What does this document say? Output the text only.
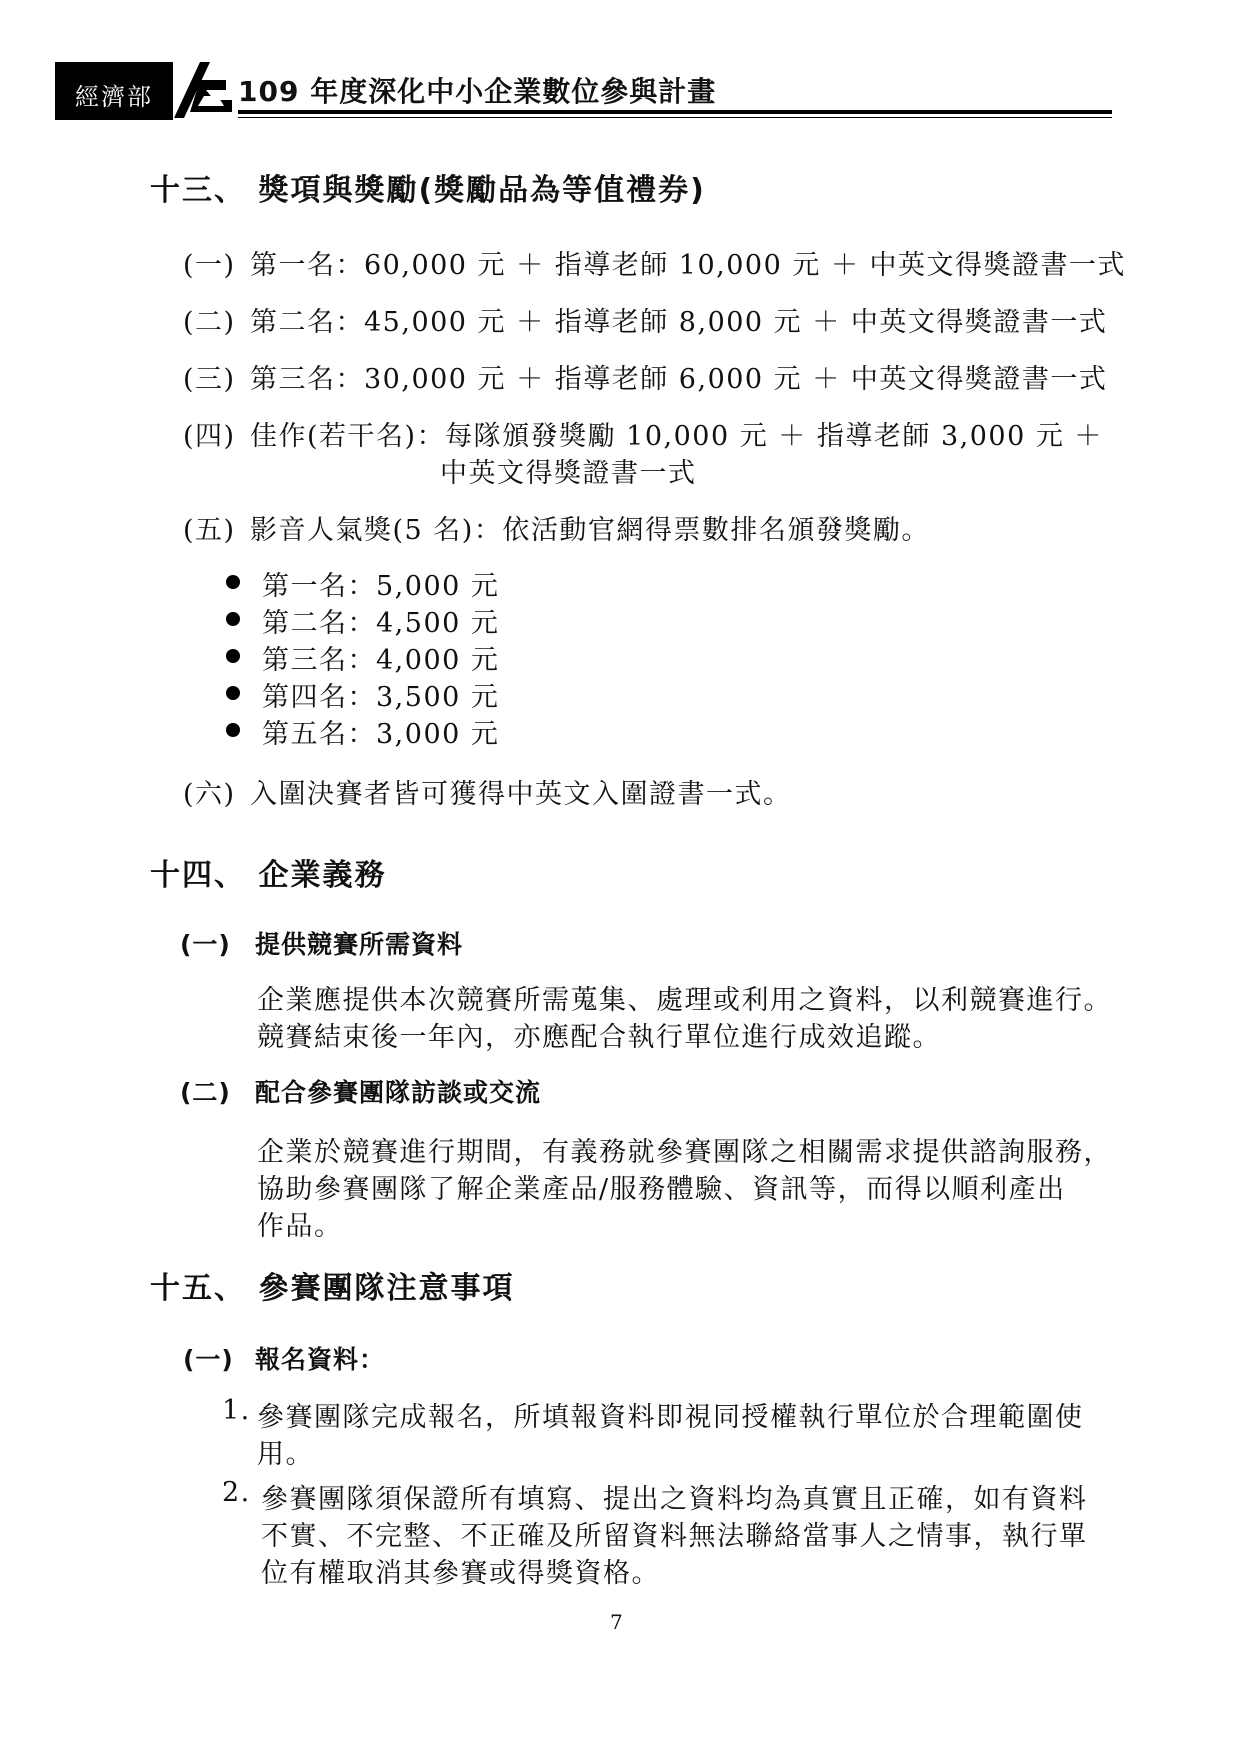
經濟部	109 年度深化中小企業數位參與計畫
十三、 獎項與獎勵(獎勵品為等值禮券)
(一) 第一名：60,000 元 ＋ 指導老師 10,000 元 ＋ 中英文得獎證書一式
(二) 第二名：45,000 元 ＋ 指導老師 8,000 元 ＋ 中英文得獎證書一式
(三) 第三名：30,000 元 ＋ 指導老師 6,000 元 ＋ 中英文得獎證書一式
(四) 佳作(若干名)：每隊頒發獎勵 10,000 元 ＋ 指導老師 3,000 元 ＋
中英文得獎證書一式
(五) 影音人氣獎(5 名)：依活動官網得票數排名頒發獎勵。
第一名：5,000 元
第二名：4,500 元
第三名：4,000 元
第四名：3,500 元
第五名：3,000 元
(六) 入圍決賽者皆可獲得中英文入圍證書一式。
十四、 企業義務
(一) 提供競賽所需資料
企業應提供本次競賽所需蒐集、處理或利用之資料，以利競賽進行。
競賽結束後一年內，亦應配合執行單位進行成效追蹤。
(二) 配合參賽團隊訪談或交流
企業於競賽進行期間，有義務就參賽團隊之相關需求提供諮詢服務，
協助參賽團隊了解企業產品/服務體驗、資訊等，而得以順利產出
作品。
十五、 參賽團隊注意事項
(一) 報名資料：
1. 參賽團隊完成報名，所填報資料即視同授權執行單位於合理範圍使
用。
2. 參賽團隊須保證所有填寫、提出之資料均為真實且正確，如有資料
不實、不完整、不正確及所留資料無法聯絡當事人之情事，執行單
位有權取消其參賽或得獎資格。
7
